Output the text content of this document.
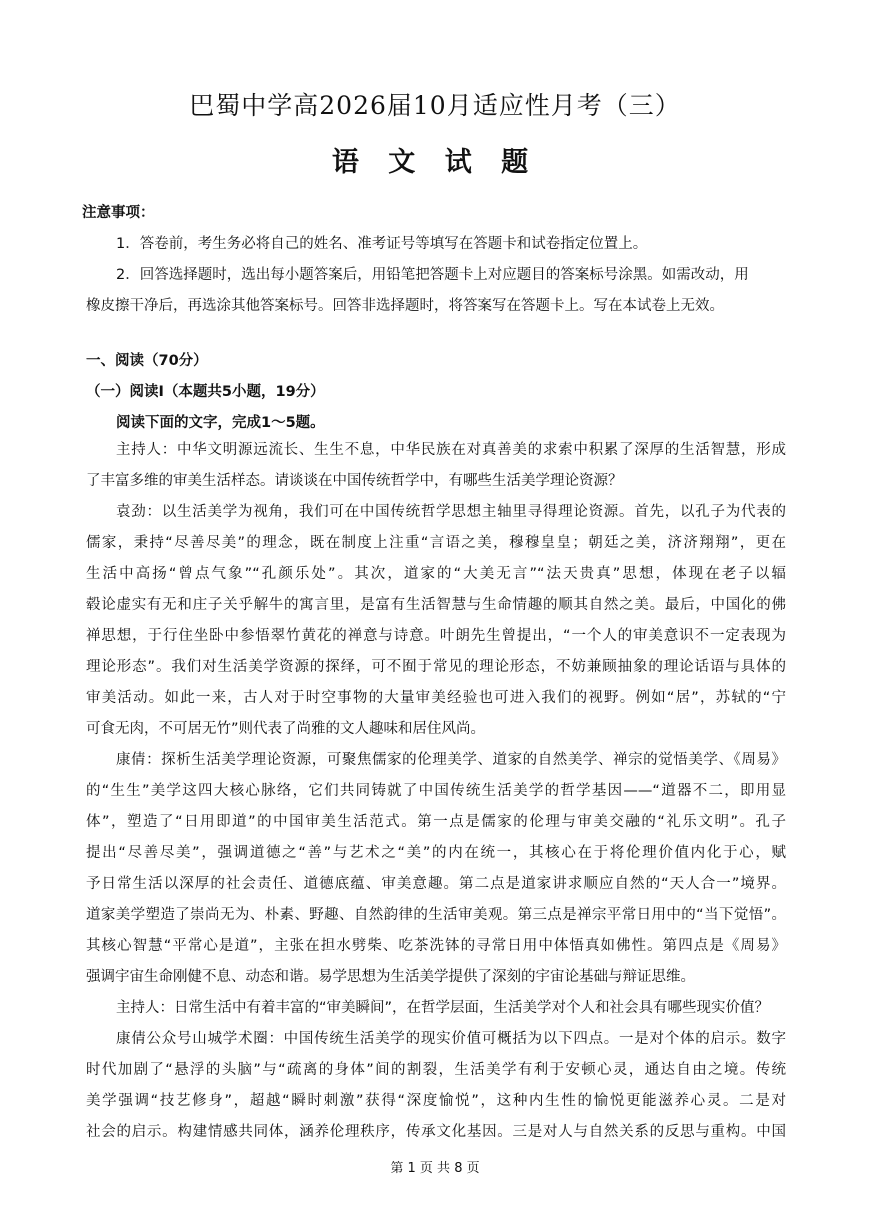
巴蜀中学高2026届10月适应性月考（三）
语 文 试 题
注意事项：
1．答卷前，考生务必将自己的姓名、准考证号等填写在答题卡和试卷指定位置上。
2．回答选择题时，选出每小题答案后，用铅笔把答题卡上对应题目的答案标号涂黑。如需改动，用
橡皮擦干净后，再选涂其他答案标号。回答非选择题时，将答案写在答题卡上。写在本试卷上无效。
一、阅读（70分）
（一）阅读Ⅰ（本题共5小题，19分）
阅读下面的文字，完成1～5题。
主持人：中华文明源远流长、生生不息，中华民族在对真善美的求索中积累了深厚的生活智慧，形成
了丰富多维的审美生活样态。请谈谈在中国传统哲学中，有哪些生活美学理论资源？
袁劲：以生活美学为视角，我们可在中国传统哲学思想主轴里寻得理论资源。首先，以孔子为代表的
儒家，秉持“尽善尽美”的理念，既在制度上注重“言语之美，穆穆皇皇；朝廷之美，济济翔翔”，更在
生活中高扬“曾点气象”“孔颜乐处”。其次，道家的“大美无言”“法天贵真”思想，体现在老子以辐
毂论虚实有无和庄子关乎解牛的寓言里，是富有生活智慧与生命情趣的顺其自然之美。最后，中国化的佛
禅思想，于行住坐卧中参悟翠竹黄花的禅意与诗意。叶朗先生曾提出，“一个人的审美意识不一定表现为
理论形态”。我们对生活美学资源的探绎，可不囿于常见的理论形态，不妨兼顾抽象的理论话语与具体的
审美活动。如此一来，古人对于时空事物的大量审美经验也可进入我们的视野。例如“居”，苏轼的“宁
可食无肉，不可居无竹”则代表了尚雅的文人趣味和居住风尚。
康倩：探析生活美学理论资源，可聚焦儒家的伦理美学、道家的自然美学、禅宗的觉悟美学、《周易》
的“生生”美学这四大核心脉络，它们共同铸就了中国传统生活美学的哲学基因——“道器不二，即用显
体”，塑造了“日用即道”的中国审美生活范式。第一点是儒家的伦理与审美交融的“礼乐文明”。孔子
提出“尽善尽美”，强调道德之“善”与艺术之“美”的内在统一，其核心在于将伦理价值内化于心，赋
予日常生活以深厚的社会责任、道德底蕴、审美意趣。第二点是道家讲求顺应自然的“天人合一”境界。
道家美学塑造了崇尚无为、朴素、野趣、自然韵律的生活审美观。第三点是禅宗平常日用中的“当下觉悟”。
其核心智慧“平常心是道”，主张在担水劈柴、吃茶洗钵的寻常日用中体悟真如佛性。第四点是《周易》
强调宇宙生命刚健不息、动态和谐。易学思想为生活美学提供了深刻的宇宙论基础与辩证思维。
主持人：日常生活中有着丰富的“审美瞬间”，在哲学层面，生活美学对个人和社会具有哪些现实价值？
康倩公众号山城学术圈：中国传统生活美学的现实价值可概括为以下四点。一是对个体的启示。数字
时代加剧了“悬浮的头脑”与“疏离的身体”间的割裂，生活美学有利于安顿心灵，通达自由之境。传统
美学强调“技艺修身”，超越“瞬时刺激”获得“深度愉悦”，这种内生性的愉悦更能滋养心灵。二是对
社会的启示。构建情感共同体，涵养伦理秩序，传承文化基因。三是对人与自然关系的反思与重构。中国
第 1 页 共 8 页
